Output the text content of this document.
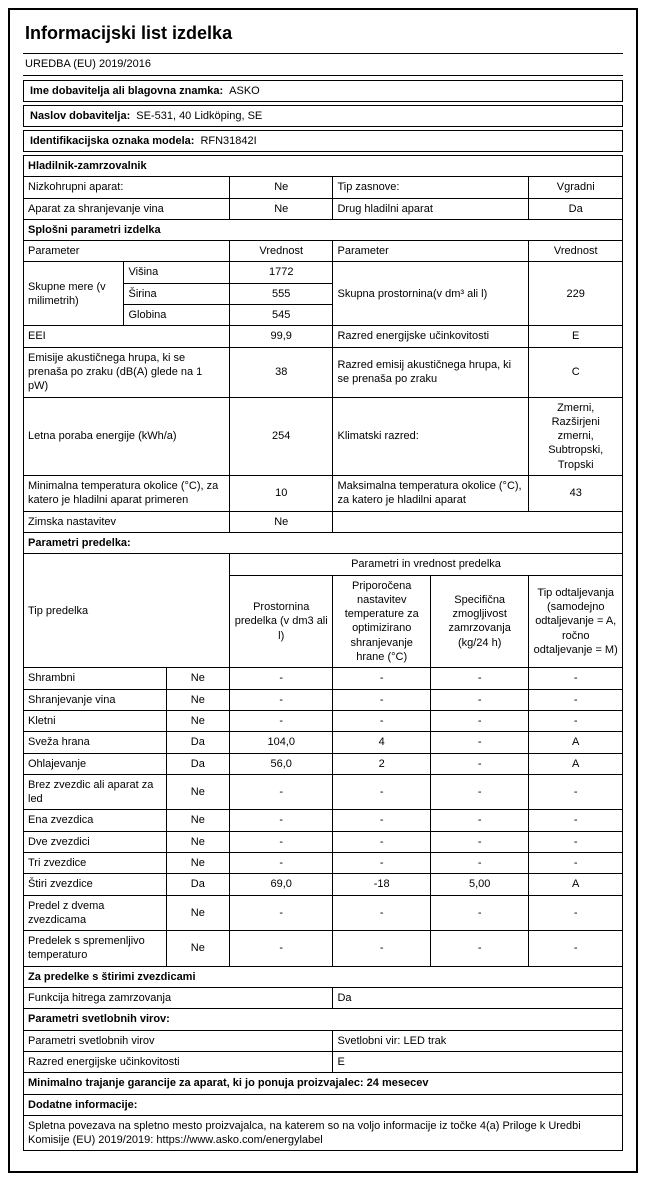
Informacijski list izdelka
UREDBA (EU) 2019/2016
Ime dobavitelja ali blagovna znamka: ASKO
Naslov dobavitelja: SE-531, 40 Lidköping, SE
Identifikacijska oznaka modela: RFN31842I
Hladilnik-zamrzovalnik						
Nizkohrupni aparat:			Ne	Tip zasnove:		Vgradni
Aparat za shranjevanje vina			Ne	Drug hladilni aparat		Da
Splošni parametri izdelka						
Parameter			Vrednost	Parameter		Vrednost
Skupne mere (v milimetrih)	Višina		1772	Skupna prostornina(v dm³ ali l)		229
	Širina		555			
	Globina		545			
EEI			99,9	Razred energijske učinkovitosti		E
Emisije akustičnega hrupa, ki se prenaša po zraku (dB(A) glede na 1 pW)			38	Razred emisij akustičnega hrupa, ki se prenaša po zraku		C
Letna poraba energije (kWh/a)			254	Klimatski razred:		Zmerni, Razširjeni zmerni, Subtropski, Tropski
Minimalna temperatura okolice (°C), za katero je hladilni aparat primeren			10	Maksimalna temperatura okolice (°C), za katero je hladilni aparat		43
Zimska nastavitev			Ne			
Parametri predelka:						
Tip predelka			Parametri in vrednost predelka			
			Prostornina predelka (v dm3 ali l)	Priporočena nastavitev temperature za optimizirano shranjevanje hrane (°C)	Specifična zmogljivost zamrzovanja (kg/24 h)	Tip odtaljevanja (samodejno odtaljevanje = A, ročno odtaljevanje = M)
Shrambni		Ne	-	-	-	-
Shranjevanje vina		Ne	-	-	-	-
Kletni		Ne	-	-	-	-
Sveža hrana		Da	104,0	4	-	A
Ohlajevanje		Da	56,0	2	-	A
Brez zvezdic ali aparat za led		Ne	-	-	-	-
Ena zvezdica		Ne	-	-	-	-
Dve zvezdici		Ne	-	-	-	-
Tri zvezdice		Ne	-	-	-	-
Štiri zvezdice		Da	69,0	-18	5,00	A
Predel z dvema zvezdicama		Ne	-	-	-	-
Predelek s spremenljivo temperaturo		Ne	-	-	-	-
Za predelke s štirimi zvezdicami						
Funkcija hitrega zamrzovanja				Da		
Parametri svetlobnih virov:						
Parametri svetlobnih virov				Svetlobni vir: LED trak		
Razred energijske učinkovitosti				E		
Minimalno trajanje garancije za aparat, ki jo ponuja proizvajalec: 24 mesecev						
Dodatne informacije:						
Spletna povezava na spletno mesto proizvajalca, na katerem so na voljo informacije iz točke 4(a) Priloge k Uredbi Komisije (EU) 2019/2019: https://www.asko.com/energylabel						
